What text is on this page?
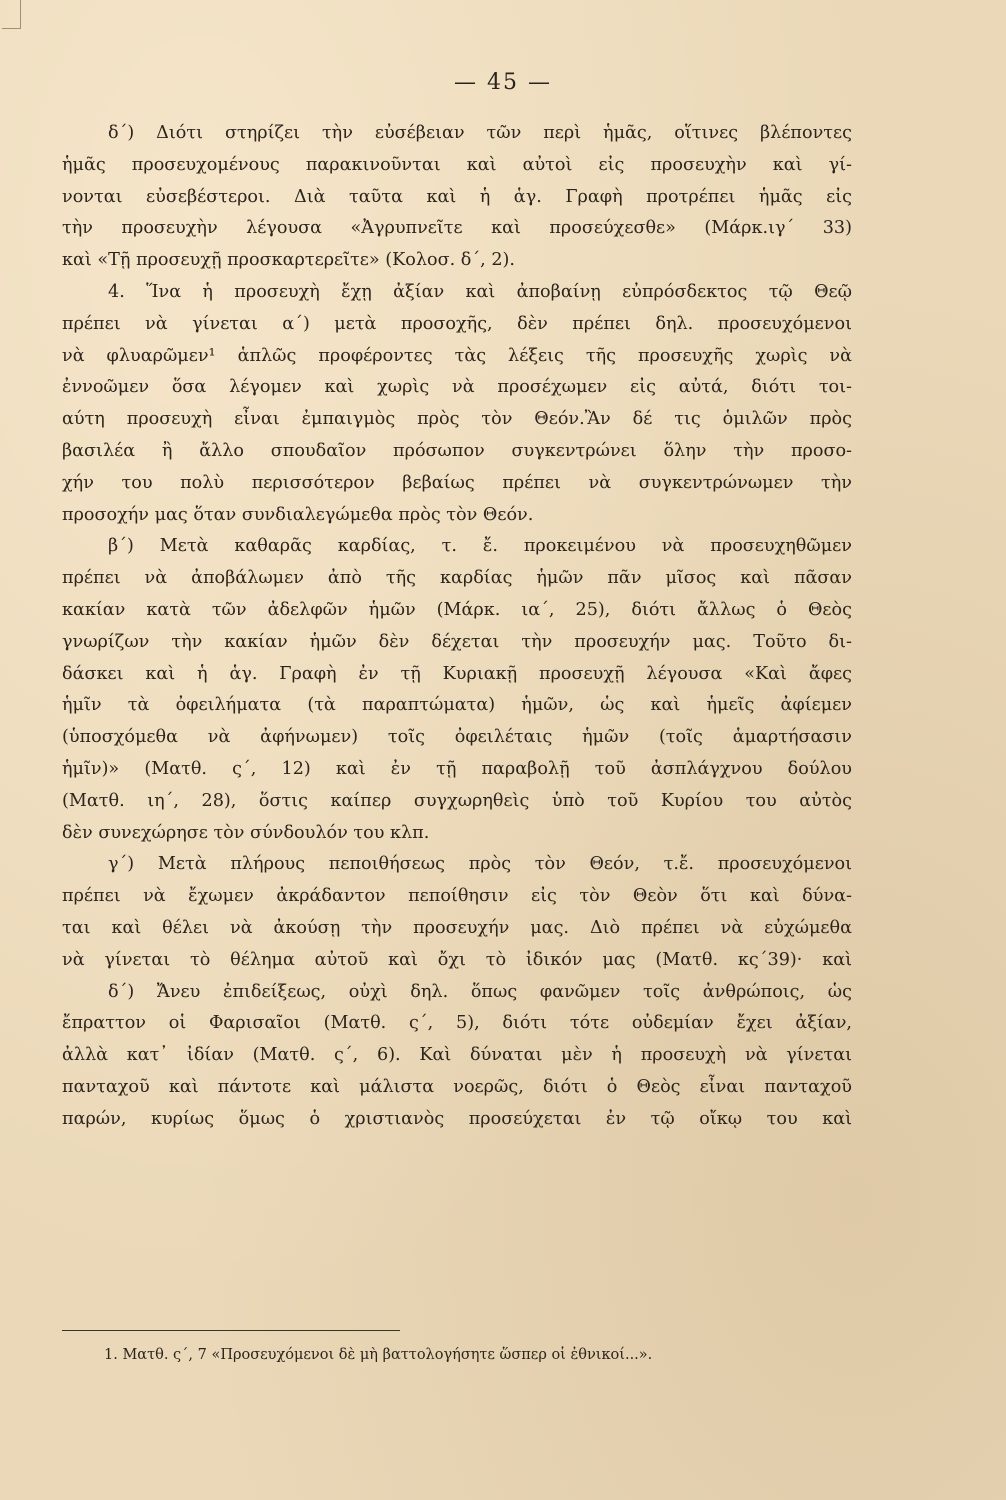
— 45 —
δ΄) Διότι στηρίζει τὴν εὐσέβειαν τῶν περὶ ἡμᾶς, οἵτινες βλέποντες
ἡμᾶς προσευχομένους παρακινοῦνται καὶ αὐτοὶ εἰς προσευχὴν καὶ γί-
νονται εὐσεβέστεροι. Διὰ ταῦτα καὶ ἡ ἁγ. Γραφὴ προτρέπει ἡμᾶς εἰς
τὴν προσευχὴν λέγουσα «Ἀγρυπνεῖτε καὶ προσεύχεσθε» (Μάρκ.ιγ΄ 33)
καὶ «Τῇ προσευχῇ προσκαρτερεῖτε» (Κολοσ. δ΄, 2).
4. Ἵνα ἡ προσευχὴ ἔχῃ ἀξίαν καὶ ἀποβαίνῃ εὐπρόσδεκτος τῷ Θεῷ
πρέπει νὰ γίνεται α΄) μετὰ προσοχῆς, δὲν πρέπει δηλ. προσευχόμενοι
νὰ φλυαρῶμεν¹ ἁπλῶς προφέροντες τὰς λέξεις τῆς προσευχῆς χωρὶς νὰ
ἐννοῶμεν ὅσα λέγομεν καὶ χωρὶς νὰ προσέχωμεν εἰς αὐτά, διότι τοι-
αύτη προσευχὴ εἶναι ἐμπαιγμὸς πρὸς τὸν Θεόν.Ἂν δέ τις ὁμιλῶν πρὸς
βασιλέα ἢ ἄλλο σπουδαῖον πρόσωπον συγκεντρώνει ὅλην τὴν προσο-
χήν του πολὺ περισσότερον βεβαίως πρέπει νὰ συγκεντρώνωμεν τὴν
προσοχήν μας ὅταν συνδιαλεγώμεθα πρὸς τὸν Θεόν.
β΄) Μετὰ καθαρᾶς καρδίας, τ. ἔ. προκειμένου νὰ προσευχηθῶμεν
πρέπει νὰ ἀποβάλωμεν ἀπὸ τῆς καρδίας ἡμῶν πᾶν μῖσος καὶ πᾶσαν
κακίαν κατὰ τῶν ἀδελφῶν ἡμῶν (Μάρκ. ια΄, 25), διότι ἄλλως ὁ Θεὸς
γνωρίζων τὴν κακίαν ἡμῶν δὲν δέχεται τὴν προσευχήν μας. Τοῦτο δι-
δάσκει καὶ ἡ ἁγ. Γραφὴ ἐν τῇ Κυριακῇ προσευχῇ λέγουσα «Καὶ ἄφες
ἡμῖν τὰ ὀφειλήματα (τὰ παραπτώματα) ἡμῶν, ὡς καὶ ἡμεῖς ἀφίεμεν
(ὑποσχόμεθα νὰ ἀφήνωμεν) τοῖς ὀφειλέταις ἡμῶν (τοῖς ἁμαρτήσασιν
ἡμῖν)» (Ματθ. ς΄, 12) καὶ ἐν τῇ παραβολῇ τοῦ ἀσπλάγχνου δούλου
(Ματθ. ιη΄, 28), ὅστις καίπερ συγχωρηθεὶς ὑπὸ τοῦ Κυρίου του αὐτὸς
δὲν συνεχώρησε τὸν σύνδουλόν του κλπ.
γ΄) Μετὰ πλήρους πεποιθήσεως πρὸς τὸν Θεόν, τ.ἔ. προσευχόμενοι
πρέπει νὰ ἔχωμεν ἀκράδαντον πεποίθησιν εἰς τὸν Θεὸν ὅτι καὶ δύνα-
ται καὶ θέλει νὰ ἀκούσῃ τὴν προσευχήν μας. Διὸ πρέπει νὰ εὐχώμεθα
νὰ γίνεται τὸ θέλημα αὐτοῦ καὶ ὄχι τὸ ἰδικόν μας (Ματθ. κς΄39)· καὶ
δ΄) Ἄνευ ἐπιδείξεως, οὐχὶ δηλ. ὅπως φανῶμεν τοῖς ἀνθρώποις, ὡς
ἔπραττον οἱ Φαρισαῖοι (Ματθ. ς΄, 5), διότι τότε οὐδεμίαν ἔχει ἀξίαν,
ἀλλὰ κατ᾽ ἰδίαν (Ματθ. ς΄, 6). Καὶ δύναται μὲν ἡ προσευχὴ νὰ γίνεται
πανταχοῦ καὶ πάντοτε καὶ μάλιστα νοερῶς, διότι ὁ Θεὸς εἶναι πανταχοῦ
παρών, κυρίως ὅμως ὁ χριστιανὸς προσεύχεται ἐν τῷ οἴκῳ του καὶ
1. Ματθ. ς΄, 7 «Προσευχόμενοι δὲ μὴ βαττολογήσητε ὥσπερ οἱ ἐθνικοί...».
